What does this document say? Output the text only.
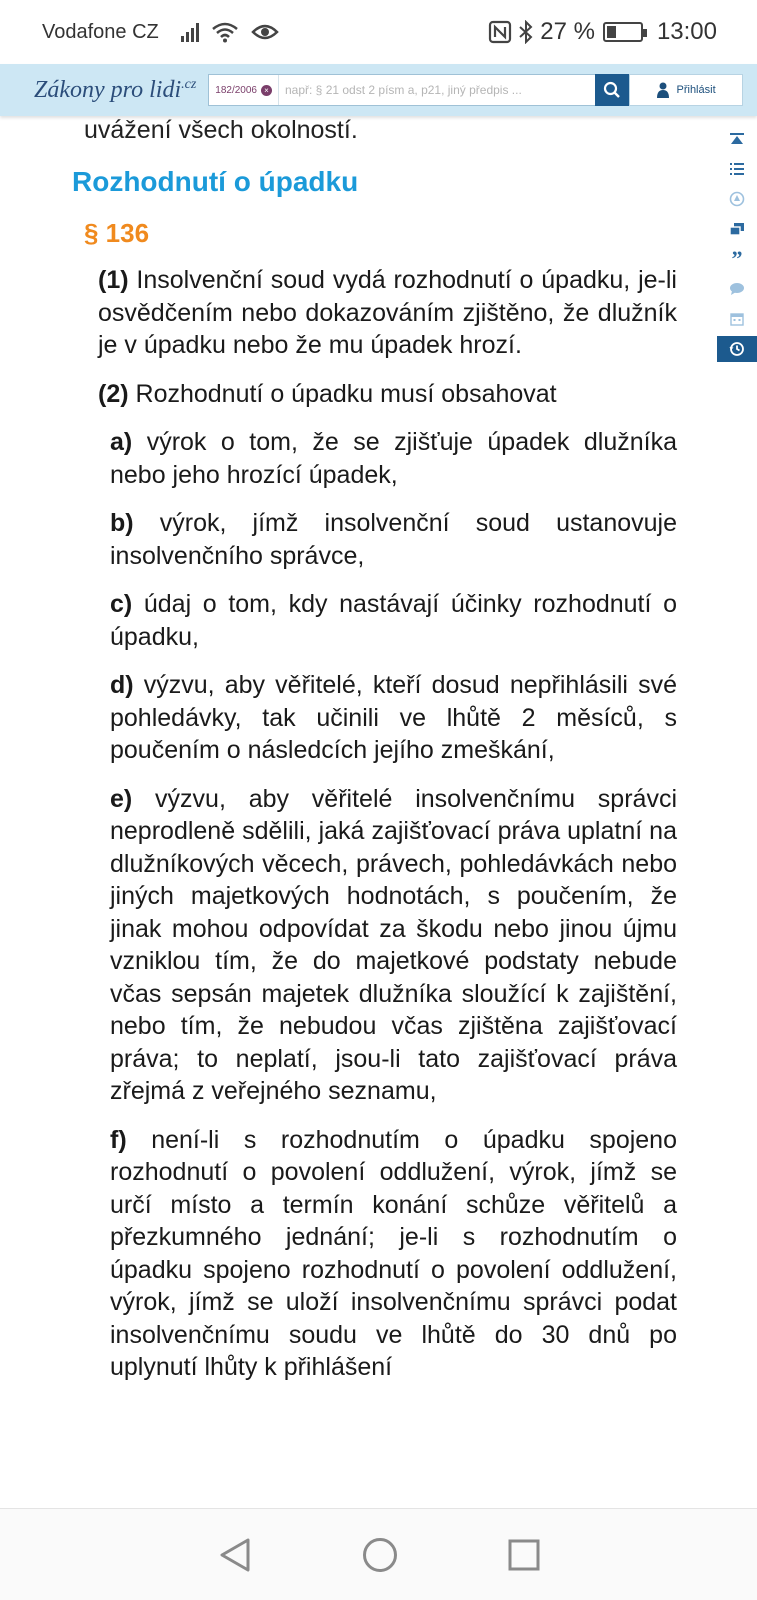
Vodafone CZ	27 %	13:00
Zákony pro lidi$^{.cz}$ 182/2006 ×
např: § 21 odst 2 písm a, p21, jiný předpis ...	Přihlásit
”
uvážení všech okolností.
Rozhodnutí o úpadku
§ 136

(1) Insolvenční soud vydá rozhodnutí o úpadku, je-li osvědčením nebo dokazováním zjištěno, že dlužník je v úpadku nebo že mu úpadek hrozí.

(2) Rozhodnutí o úpadku musí obsahovat

a) výrok o tom, že se zjišťuje úpadek dlužníka nebo jeho hrozící úpadek,

b) výrok, jímž insolvenční soud ustanovuje insolvenčního správce,

c) údaj o tom, kdy nastávají účinky rozhodnutí o úpadku,

d) výzvu, aby věřitelé, kteří dosud nepřihlásili své pohledávky, tak učinili ve lhůtě 2 měsíců, s poučením o následcích jejího zmeškání,

e) výzvu, aby věřitelé insolvenčnímu správci neprodleně sdělili, jaká zajišťovací práva uplatní na dlužníkových věcech, právech, pohledávkách nebo jiných majetkových hodnotách, s poučením, že jinak mohou odpovídat za škodu nebo jinou újmu vzniklou tím, že do majetkové podstaty nebude včas sepsán majetek dlužníka sloužící k zajištění, nebo tím, že nebudou včas zjištěna zajišťovací práva; to neplatí, jsou-li tato zajišťovací práva zřejmá z veřejného seznamu,

f) není-li s rozhodnutím o úpadku spojeno rozhodnutí o povolení oddlužení, výrok, jímž se určí místo a termín konání schůze věřitelů a přezkumného jednání; je-li s rozhodnutím o úpadku spojeno rozhodnutí o povolení oddlužení, výrok, jímž se uloží insolvenčnímu správci podat insolvenčnímu soudu ve lhůtě do 30 dnů po uplynutí lhůty k přihlášení
